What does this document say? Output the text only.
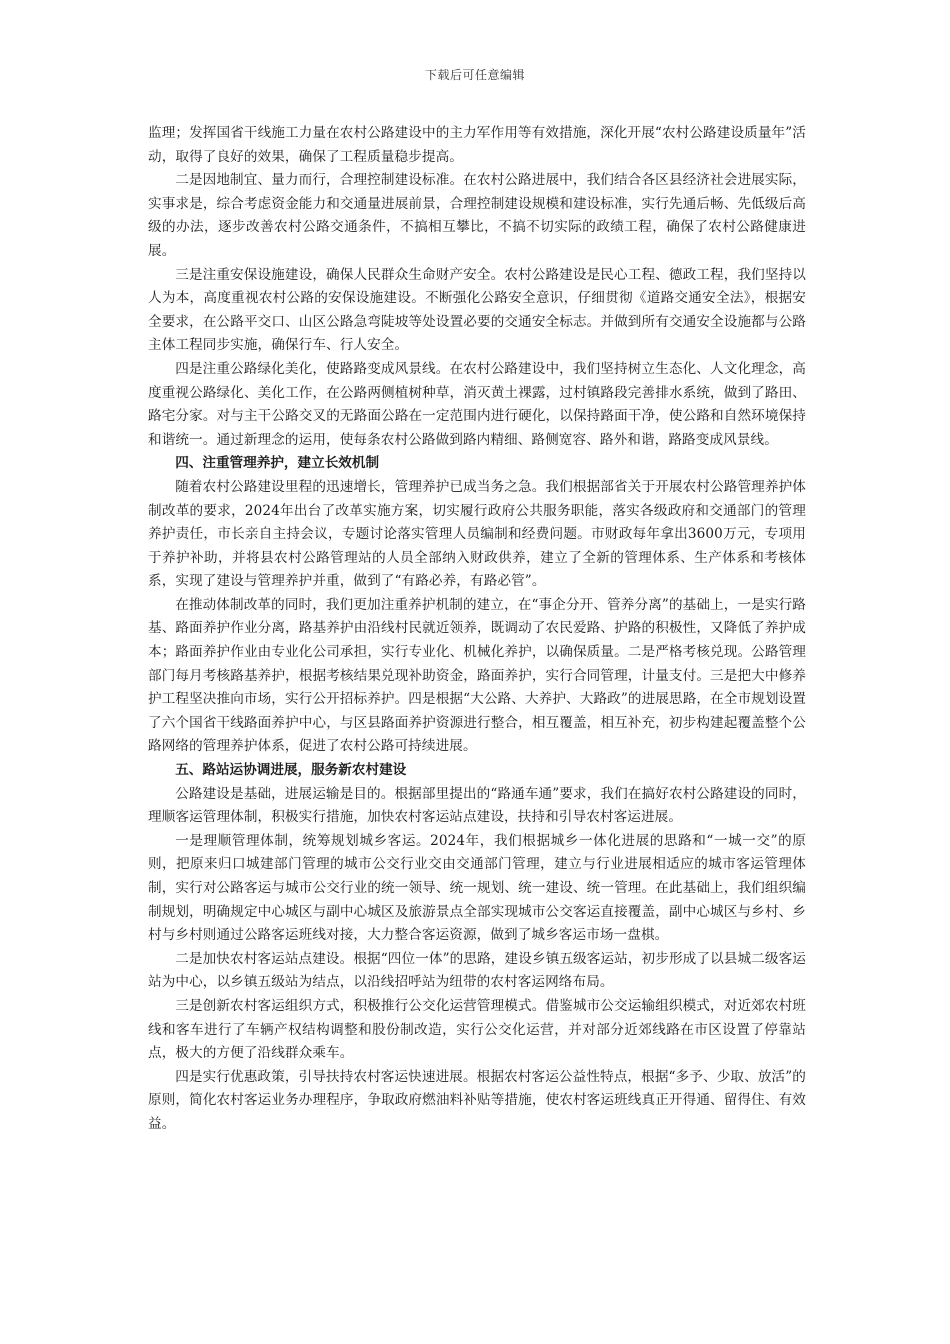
下载后可任意编辑

监理；发挥国省干线施工力量在农村公路建设中的主力军作用等有效措施，深化开展“农村公路建设质量年”活动，取得了良好的效果，确保了工程质量稳步提高。

二是因地制宜、量力而行，合理控制建设标准。在农村公路进展中，我们结合各区县经济社会进展实际，实事求是，综合考虑资金能力和交通量进展前景，合理控制建设规模和建设标准，实行先通后畅、先低级后高级的办法，逐步改善农村公路交通条件，不搞相互攀比，不搞不切实际的政绩工程，确保了农村公路健康进展。

三是注重安保设施建设，确保人民群众生命财产安全。农村公路建设是民心工程、德政工程，我们坚持以人为本，高度重视农村公路的安保设施建设。不断强化公路安全意识，仔细贯彻《道路交通安全法》，根据安全要求，在公路平交口、山区公路急弯陡坡等处设置必要的交通安全标志。并做到所有交通安全设施都与公路主体工程同步实施，确保行车、行人安全。

四是注重公路绿化美化，使路路变成风景线。在农村公路建设中，我们坚持树立生态化、人文化理念，高度重视公路绿化、美化工作，在公路两侧植树种草，消灭黄土裸露，过村镇路段完善排水系统，做到了路田、路宅分家。对与主干公路交叉的无路面公路在一定范围内进行硬化，以保持路面干净，使公路和自然环境保持和谐统一。通过新理念的运用，使每条农村公路做到路内精细、路侧宽容、路外和谐，路路变成风景线。

四、注重管理养护，建立长效机制

随着农村公路建设里程的迅速增长，管理养护已成当务之急。我们根据部省关于开展农村公路管理养护体制改革的要求，2024年出台了改革实施方案，切实履行政府公共服务职能，落实各级政府和交通部门的管理养护责任，市长亲自主持会议，专题讨论落实管理人员编制和经费问题。市财政每年拿出3600万元，专项用于养护补助，并将县农村公路管理站的人员全部纳入财政供养，建立了全新的管理体系、生产体系和考核体系，实现了建设与管理养护并重，做到了“有路必养，有路必管”。

在推动体制改革的同时，我们更加注重养护机制的建立，在“事企分开、管养分离”的基础上，一是实行路基、路面养护作业分离，路基养护由沿线村民就近领养，既调动了农民爱路、护路的积极性，又降低了养护成本；路面养护作业由专业化公司承担，实行专业化、机械化养护，以确保质量。二是严格考核兑现。公路管理部门每月考核路基养护，根据考核结果兑现补助资金，路面养护，实行合同管理，计量支付。三是把大中修养护工程坚决推向市场，实行公开招标养护。四是根据“大公路、大养护、大路政”的进展思路，在全市规划设置了六个国省干线路面养护中心，与区县路面养护资源进行整合，相互覆盖，相互补充，初步构建起覆盖整个公路网络的管理养护体系，促进了农村公路可持续进展。

五、路站运协调进展，服务新农村建设

公路建设是基础，进展运输是目的。根据部里提出的“路通车通”要求，我们在搞好农村公路建设的同时，理顺客运管理体制，积极实行措施，加快农村客运站点建设，扶持和引导农村客运进展。

一是理顺管理体制，统筹规划城乡客运。2024年，我们根据城乡一体化进展的思路和“一城一交”的原则，把原来归口城建部门管理的城市公交行业交由交通部门管理，建立与行业进展相适应的城市客运管理体制，实行对公路客运与城市公交行业的统一领导、统一规划、统一建设、统一管理。在此基础上，我们组织编制规划，明确规定中心城区与副中心城区及旅游景点全部实现城市公交客运直接覆盖，副中心城区与乡村、乡村与乡村则通过公路客运班线对接，大力整合客运资源，做到了城乡客运市场一盘棋。

二是加快农村客运站点建设。根据“四位一体”的思路，建设乡镇五级客运站，初步形成了以县城二级客运站为中心，以乡镇五级站为结点，以沿线招呼站为纽带的农村客运网络布局。

三是创新农村客运组织方式，积极推行公交化运营管理模式。借鉴城市公交运输组织模式，对近郊农村班线和客车进行了车辆产权结构调整和股份制改造，实行公交化运营，并对部分近郊线路在市区设置了停靠站点，极大的方便了沿线群众乘车。

四是实行优惠政策，引导扶持农村客运快速进展。根据农村客运公益性特点，根据“多予、少取、放活”的原则，简化农村客运业务办理程序，争取政府燃油料补贴等措施，使农村客运班线真正开得通、留得住、有效益。
